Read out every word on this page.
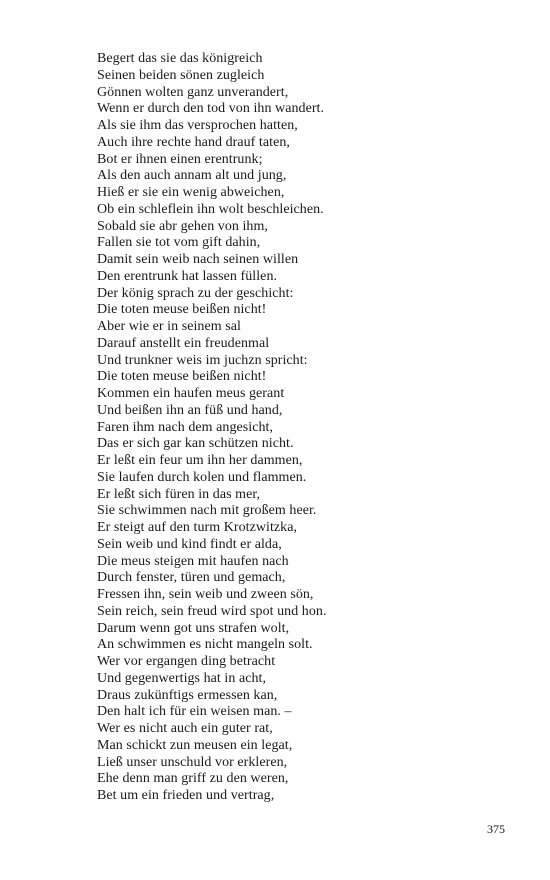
Begert das sie das königreich
Seinen beiden sönen zugleich
Gönnen wolten ganz unverandert,
Wenn er durch den tod von ihn wandert.
Als sie ihm das versprochen hatten,
Auch ihre rechte hand drauf taten,
Bot er ihnen einen erentrunk;
Als den auch annam alt und jung,
Hieß er sie ein wenig abweichen,
Ob ein schleflein ihn wolt beschleichen.
Sobald sie abr gehen von ihm,
Fallen sie tot vom gift dahin,
Damit sein weib nach seinen willen
Den erentrunk hat lassen füllen.
Der könig sprach zu der geschicht:
Die toten meuse beißen nicht!
Aber wie er in seinem sal
Darauf anstellt ein freudenmal
Und trunkner weis im juchzn spricht:
Die toten meuse beißen nicht!
Kommen ein haufen meus gerant
Und beißen ihn an füß und hand,
Faren ihm nach dem angesicht,
Das er sich gar kan schützen nicht.
Er leßt ein feur um ihn her dammen,
Sie laufen durch kolen und flammen.
Er leßt sich füren in das mer,
Sie schwimmen nach mit großem heer.
Er steigt auf den turm Krotzwitzka,
Sein weib und kind findt er alda,
Die meus steigen mit haufen nach
Durch fenster, türen und gemach,
Fressen ihn, sein weib und zween sön,
Sein reich, sein freud wird spot und hon.
Darum wenn got uns strafen wolt,
An schwimmen es nicht mangeln solt.
Wer vor ergangen ding betracht
Und gegenwertigs hat in acht,
Draus zukünftigs ermessen kan,
Den halt ich für ein weisen man. –
Wer es nicht auch ein guter rat,
Man schickt zun meusen ein legat,
Ließ unser unschuld vor erkleren,
Ehe denn man griff zu den weren,
Bet um ein frieden und vertrag,
375
